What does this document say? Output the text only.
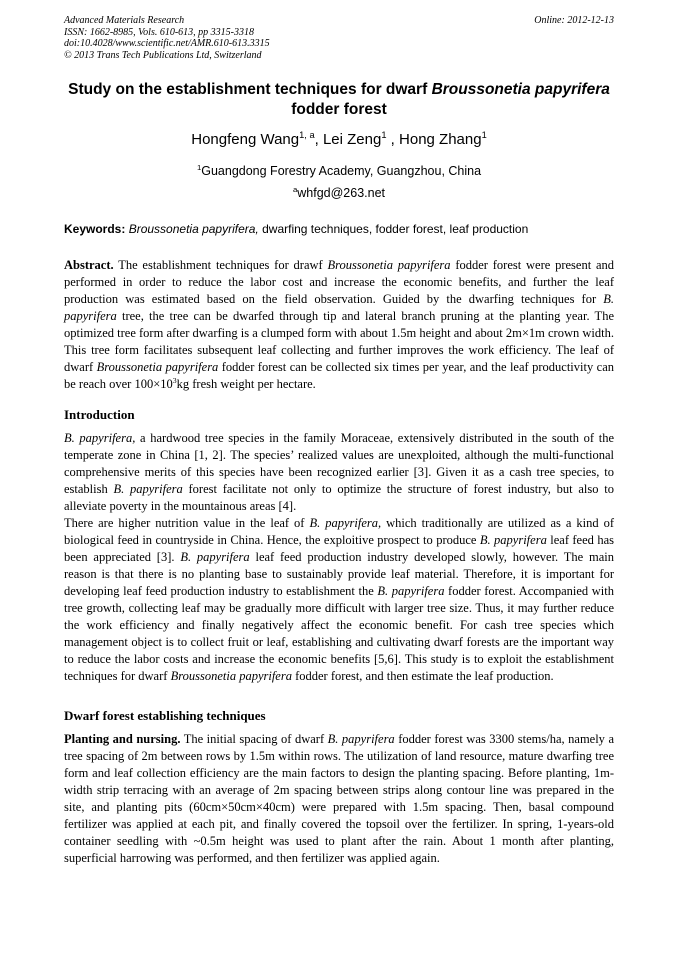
Advanced Materials Research
ISSN: 1662-8985, Vols. 610-613, pp 3315-3318
doi:10.4028/www.scientific.net/AMR.610-613.3315
© 2013 Trans Tech Publications Ltd, Switzerland
Online: 2012-12-13
Study on the establishment techniques for dwarf Broussonetia papyrifera fodder forest
Hongfeng Wang$^{1, a}$, Lei Zeng$^1$ , Hong Zhang$^1$
$^1$Guangdong Forestry Academy, Guangzhou, China
$^a$whfgd@263.net
Keywords: Broussonetia papyrifera, dwarfing techniques, fodder forest, leaf production

Abstract. The establishment techniques for drawf Broussonetia papyrifera fodder forest were present and performed in order to reduce the labor cost and increase the economic benefits, and further the leaf production was estimated based on the field observation. Guided by the dwarfing techniques for B. papyrifera tree, the tree can be dwarfed through tip and lateral branch pruning at the planting year. The optimized tree form after dwarfing is a clumped form with about 1.5m height and about 2m×1m crown width. This tree form facilitates subsequent leaf collecting and further improves the work efficiency. The leaf of dwarf Broussonetia papyrifera fodder forest can be collected six times per year, and the leaf productivity can be reach over $100\times 10^3kg$ fresh weight per hectare.

Introduction

B. papyrifera, a hardwood tree species in the family Moraceae, extensively distributed in the south of the temperate zone in China [1, 2]. The species’ realized values are unexploited, although the multi-functional comprehensive merits of this species have been recognized earlier [3]. Given it as a cash tree species, to establish B. papyrifera forest facilitate not only to optimize the structure of forest industry, but also to alleviate poverty in the mountainous areas [4].

There are higher nutrition value in the leaf of B. papyrifera, which traditionally are utilized as a kind of biological feed in countryside in China. Hence, the exploitive prospect to produce B. papyrifera leaf feed has been appreciated [3]. B. papyrifera leaf feed production industry developed slowly, however. The main reason is that there is no planting base to sustainably provide leaf material. Therefore, it is important for developing leaf feed production industry to establishment the B. papyrifera fodder forest. Accompanied with tree growth, collecting leaf may be gradually more difficult with larger tree size. Thus, it may further reduce the work efficiency and finally negatively affect the economic benefit. For cash tree species which management object is to collect fruit or leaf, establishing and cultivating dwarf forests are the important way to reduce the labor costs and increase the economic benefits [5,6]. This study is to exploit the establishment techniques for dwarf Broussonetia papyrifera fodder forest, and then estimate the leaf production.

Dwarf forest establishing techniques

Planting and nursing. The initial spacing of dwarf B. papyrifera fodder forest was 3300 stems/ha, namely a tree spacing of 2m between rows by 1.5m within rows. The utilization of land resource, mature dwarfing tree form and leaf collection efficiency are the main factors to design the planting spacing. Before planting, 1m-width strip terracing with an average of 2m spacing between strips along contour line was prepared in the site, and planting pits (60cm×50cm×40cm) were prepared with 1.5m spacing. Then, basal compound fertilizer was applied at each pit, and finally covered the topsoil over the fertilizer. In spring, 1-years-old container seedling with ~0.5m height was used to plant after the rain. About 1 month after planting, superficial harrowing was performed, and then fertilizer was applied again.
